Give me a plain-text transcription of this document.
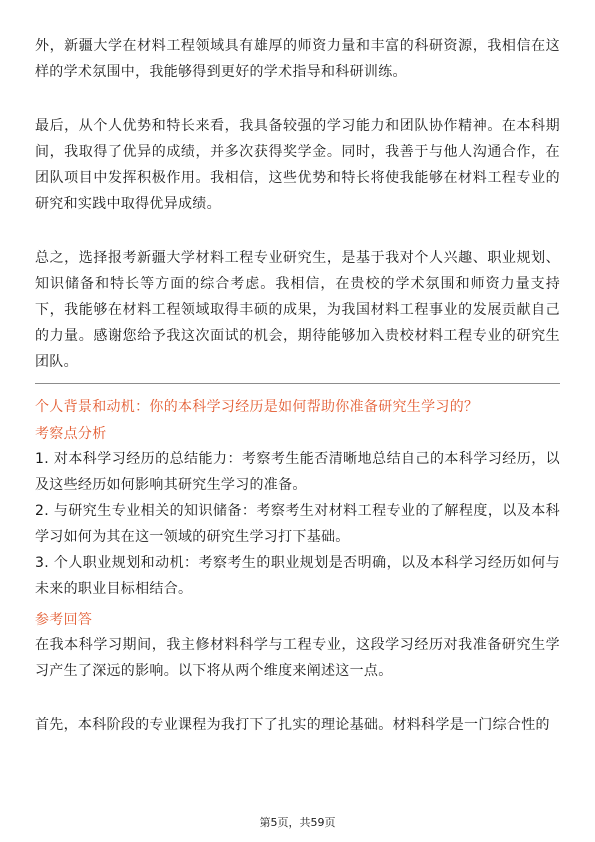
外，新疆大学在材料工程领域具有雄厚的师资力量和丰富的科研资源，我相信在这样的学术氛围中，我能够得到更好的学术指导和科研训练。

最后，从个人优势和特长来看，我具备较强的学习能力和团队协作精神。在本科期间，我取得了优异的成绩，并多次获得奖学金。同时，我善于与他人沟通合作，在团队项目中发挥积极作用。我相信，这些优势和特长将使我能够在材料工程专业的研究和实践中取得优异成绩。

总之，选择报考新疆大学材料工程专业研究生，是基于我对个人兴趣、职业规划、知识储备和特长等方面的综合考虑。我相信，在贵校的学术氛围和师资力量支持下，我能够在材料工程领域取得丰硕的成果，为我国材料工程事业的发展贡献自己的力量。感谢您给予我这次面试的机会，期待能够加入贵校材料工程专业的研究生团队。

个人背景和动机：你的本科学习经历是如何帮助你准备研究生学习的？

考察点分析

1. 对本科学习经历的总结能力：考察考生能否清晰地总结自己的本科学习经历，以及这些经历如何影响其研究生学习的准备。

2. 与研究生专业相关的知识储备：考察考生对材料工程专业的了解程度，以及本科学习如何为其在这一领域的研究生学习打下基础。

3. 个人职业规划和动机：考察考生的职业规划是否明确，以及本科学习经历如何与未来的职业目标相结合。

参考回答

在我本科学习期间，我主修材料科学与工程专业，这段学习经历对我准备研究生学习产生了深远的影响。以下将从两个维度来阐述这一点。

首先，本科阶段的专业课程为我打下了扎实的理论基础。材料科学是一门综合性的

第5页，共59页
